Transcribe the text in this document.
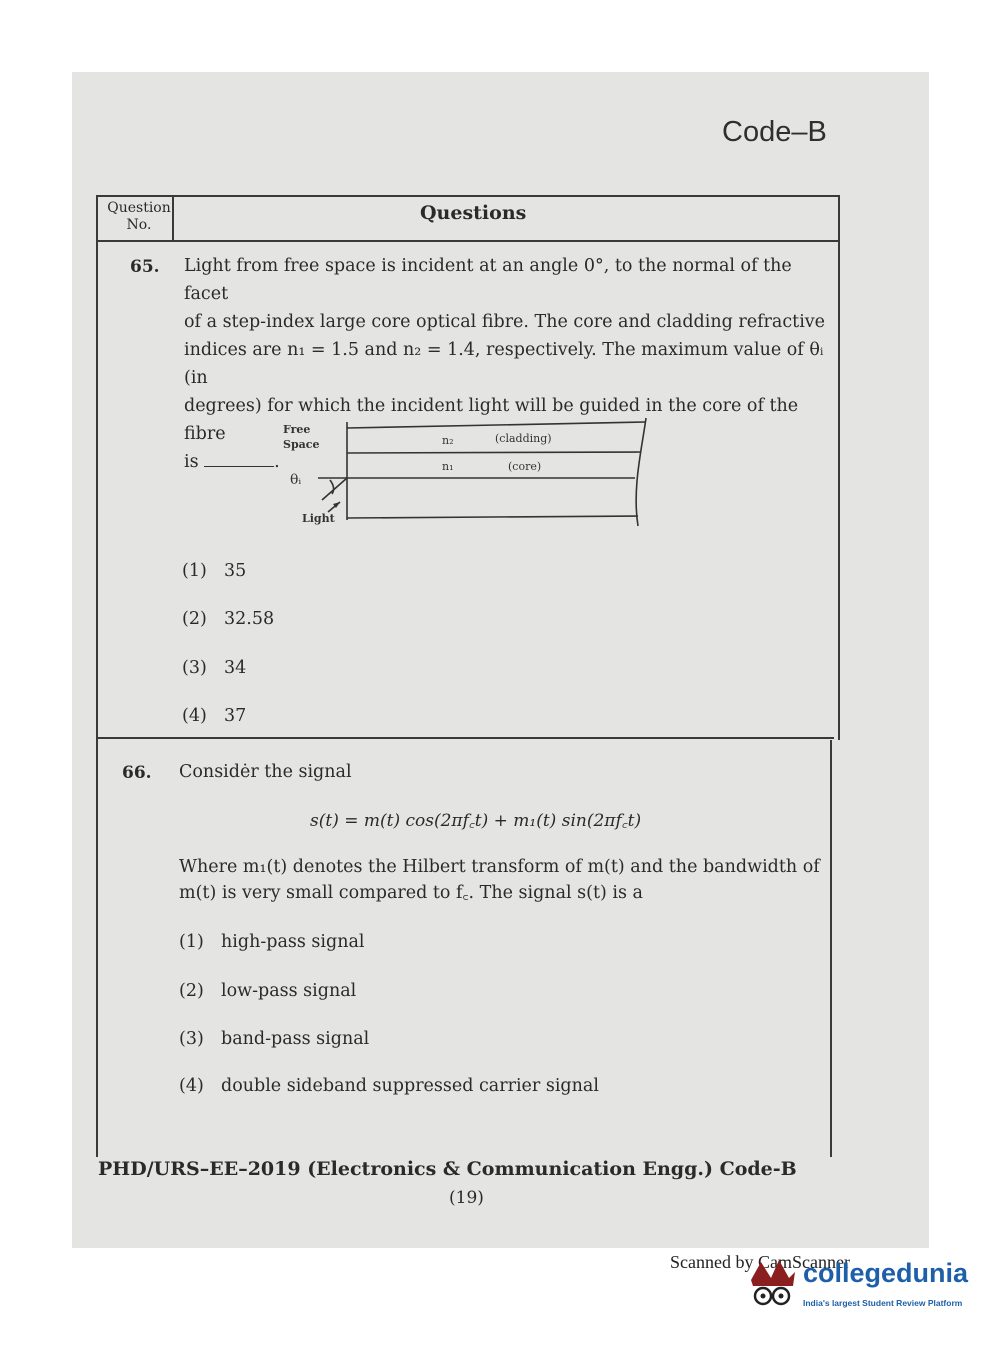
Code–B
Question
No.
Questions
65. Light from free space is incident at an angle 0°, to the normal of the facet
of a step-index large core optical fibre. The core and cladding refractive
indices are n₁ = 1.5 and n₂ = 1.4, respectively. The maximum value of θᵢ (in
degrees) for which the incident light will be guided in the core of the fibre
is	.
Free
Space
θᵢ
Light
n₂	(cladding)
n₁	(core)
(1) 35
(2) 32.58
(3) 34
(4) 37
66. Considėr the signal
s(t) = m(t) cos(2πf꜀t) + m₁(t) sin(2πf꜀t)
Where m₁(t) denotes the Hilbert transform of m(t) and the bandwidth of
m(t) is very small compared to f꜀. The signal s(t) is a
(1) high-pass signal
(2) low-pass signal
(3) band-pass signal
(4) double sideband suppressed carrier signal
PHD/URS–EE–2019 (Electronics & Communication Engg.) Code-B
(19)
Scanned by CamScanner
collegedunia
India's largest Student Review Platform
